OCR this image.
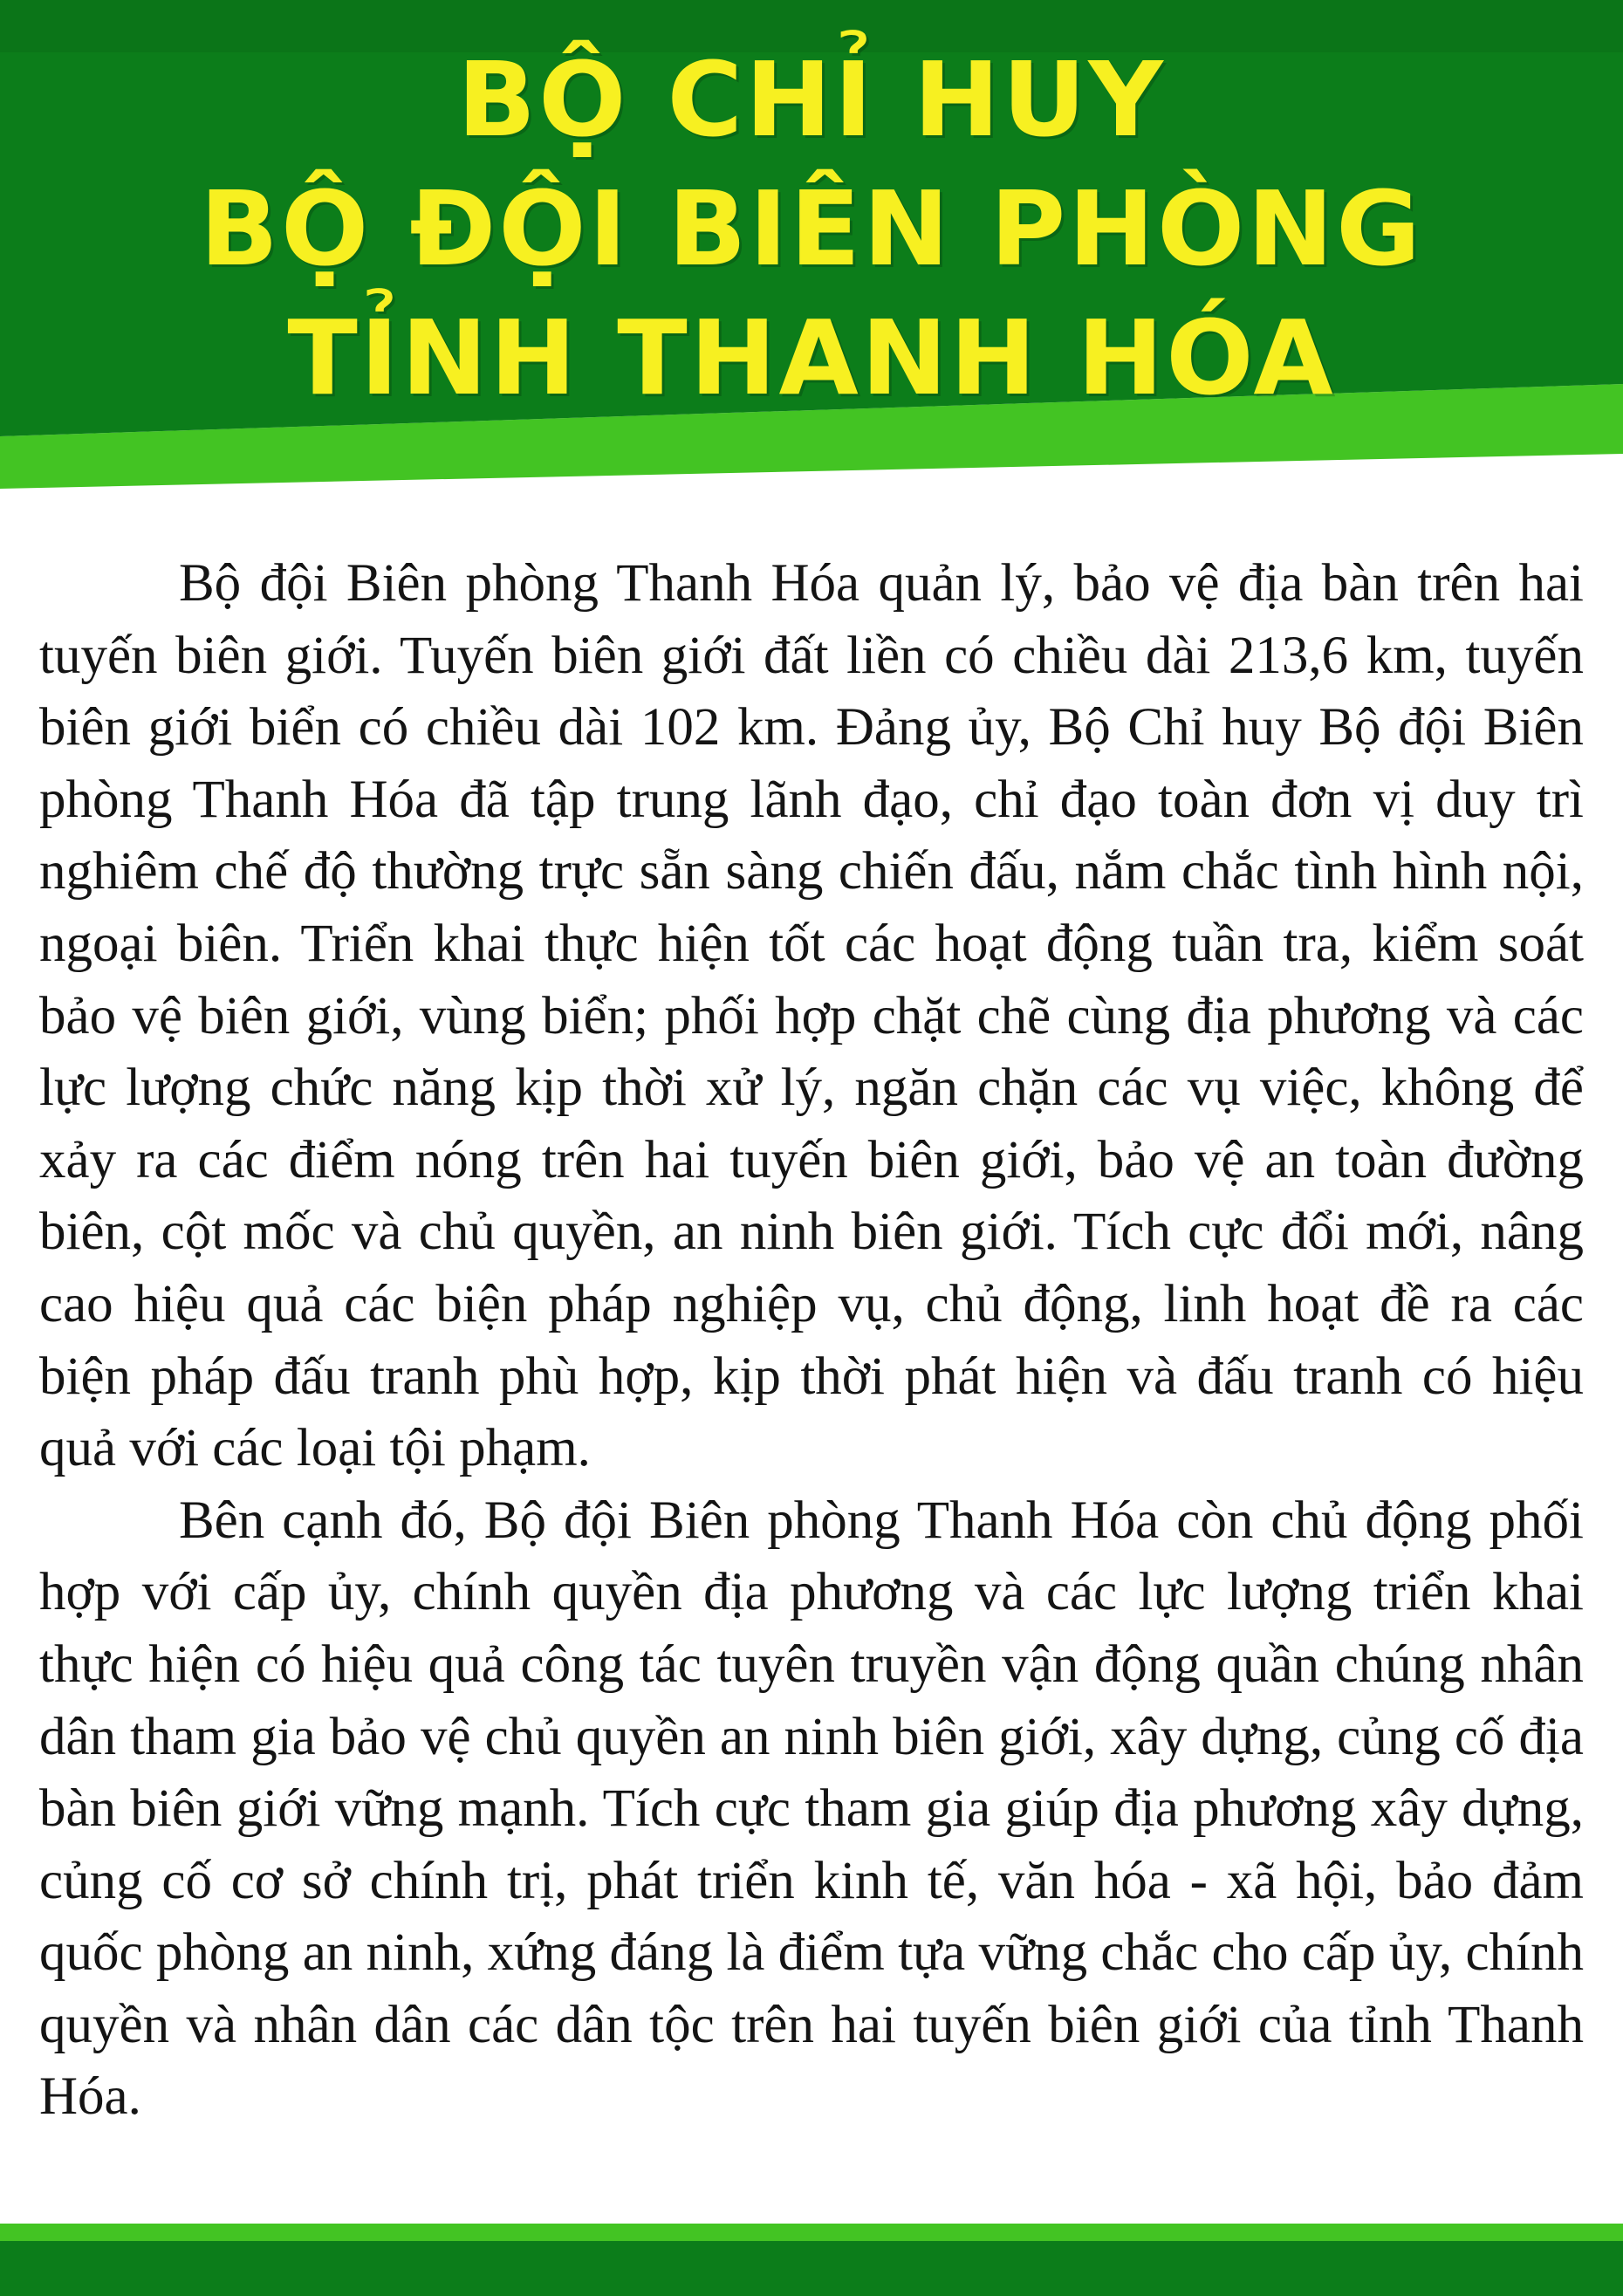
BỘ CHỈ HUY
BỘ ĐỘI BIÊN PHÒNG
TỈNH THANH HÓA

Bộ đội Biên phòng Thanh Hóa quản lý, bảo vệ địa bàn trên hai tuyến biên giới. Tuyến biên giới đất liền có chiều dài 213,6 km, tuyến biên giới biển có chiều dài 102 km. Đảng ủy, Bộ Chỉ huy Bộ đội Biên phòng Thanh Hóa đã tập trung lãnh đạo, chỉ đạo toàn đơn vị duy trì nghiêm chế độ thường trực sẵn sàng chiến đấu, nắm chắc tình hình nội, ngoại biên. Triển khai thực hiện tốt các hoạt động tuần tra, kiểm soát bảo vệ biên giới, vùng biển; phối hợp chặt chẽ cùng địa phương và các lực lượng chức năng kịp thời xử lý, ngăn chặn các vụ việc, không để xảy ra các điểm nóng trên hai tuyến biên giới, bảo vệ an toàn đường biên, cột mốc và chủ quyền, an ninh biên giới. Tích cực đổi mới, nâng cao hiệu quả các biện pháp nghiệp vụ, chủ động, linh hoạt đề ra các biện pháp đấu tranh phù hợp, kịp thời phát hiện và đấu tranh có hiệu quả với các loại tội phạm.

Bên cạnh đó, Bộ đội Biên phòng Thanh Hóa còn chủ động phối hợp với cấp ủy, chính quyền địa phương và các lực lượng triển khai thực hiện có hiệu quả công tác tuyên truyền vận động quần chúng nhân dân tham gia bảo vệ chủ quyền an ninh biên giới, xây dựng, củng cố địa bàn biên giới vững mạnh. Tích cực tham gia giúp địa phương xây dựng, củng cố cơ sở chính trị, phát triển kinh tế, văn hóa - xã hội, bảo đảm quốc phòng an ninh, xứng đáng là điểm tựa vững chắc cho cấp ủy, chính quyền và nhân dân các dân tộc trên hai tuyến biên giới của tỉnh Thanh Hóa.
